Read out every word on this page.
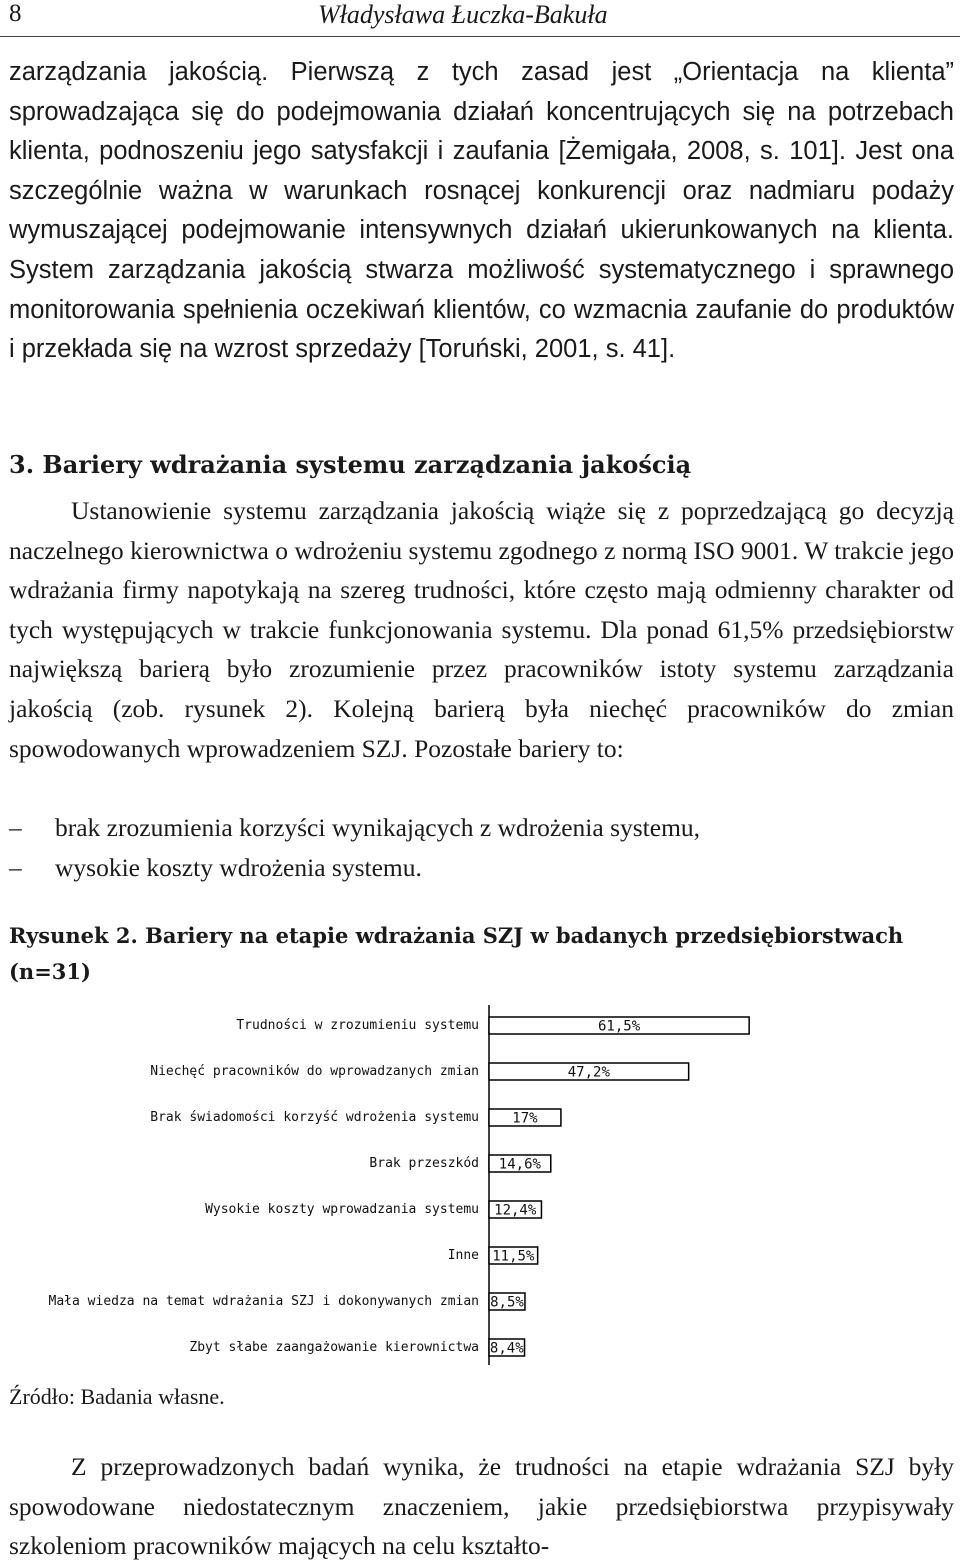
8	Władysława Łuczka-Bakuła

zarządzania jakością. Pierwszą z tych zasad jest „Orientacja na klienta” sprowadzająca się do podejmowania działań koncentrujących się na potrzebach klienta, podnoszeniu jego satysfakcji i zaufania [Żemigała, 2008, s. 101]. Jest ona szczególnie ważna w warunkach rosnącej konkurencji oraz nadmiaru podaży wymuszającej podejmowanie intensywnych działań ukierunkowanych na klienta. System zarządzania jakością stwarza możliwość systematycznego i sprawnego monitorowania spełnienia oczekiwań klientów, co wzmacnia zaufanie do produktów i przekłada się na wzrost sprzedaży [Toruński, 2001, s. 41].

3. Bariery wdrażania systemu zarządzania jakością

Ustanowienie systemu zarządzania jakością wiąże się z poprzedzającą go decyzją naczelnego kierownictwa o wdrożeniu systemu zgodnego z normą ISO 9001. W trakcie jego wdrażania firmy napotykają na szereg trudności, które często mają odmienny charakter od tych występujących w trakcie funkcjonowania systemu. Dla ponad 61,5% przedsiębiorstw największą barierą było zrozumienie przez pracowników istoty systemu zarządzania jakością (zob. rysunek 2). Kolejną barierą była niechęć pracowników do zmian spowodowanych wprowadzeniem SZJ. Pozostałe bariery to:

– brak zrozumienia korzyści wynikających z wdrożenia systemu,
– wysokie koszty wdrożenia systemu.

Rysunek 2. Bariery na etapie wdrażania SZJ w badanych przedsiębiorstwach (n=31)

Trudności w zrozumieniu systemu	61,5%
Niechęć pracowników do wprowadzanych zmian	47,2%
Brak świadomości korzyść wdrożenia systemu 17%
Brak przeszkód 14,6%
Wysokie koszty wprowadzania systemu 12,4%
Inne 11,5%
Mała wiedza na temat wdrażania SZJ i dokonywanych zmian 8,5%
Zbyt słabe zaangażowanie kierownictwa 8,4%

Źródło: Badania własne.

Z przeprowadzonych badań wynika, że trudności na etapie wdrażania SZJ były spowodowane niedostatecznym znaczeniem, jakie przedsiębiorstwa przypisywały szkoleniom pracowników mających na celu kształto-
